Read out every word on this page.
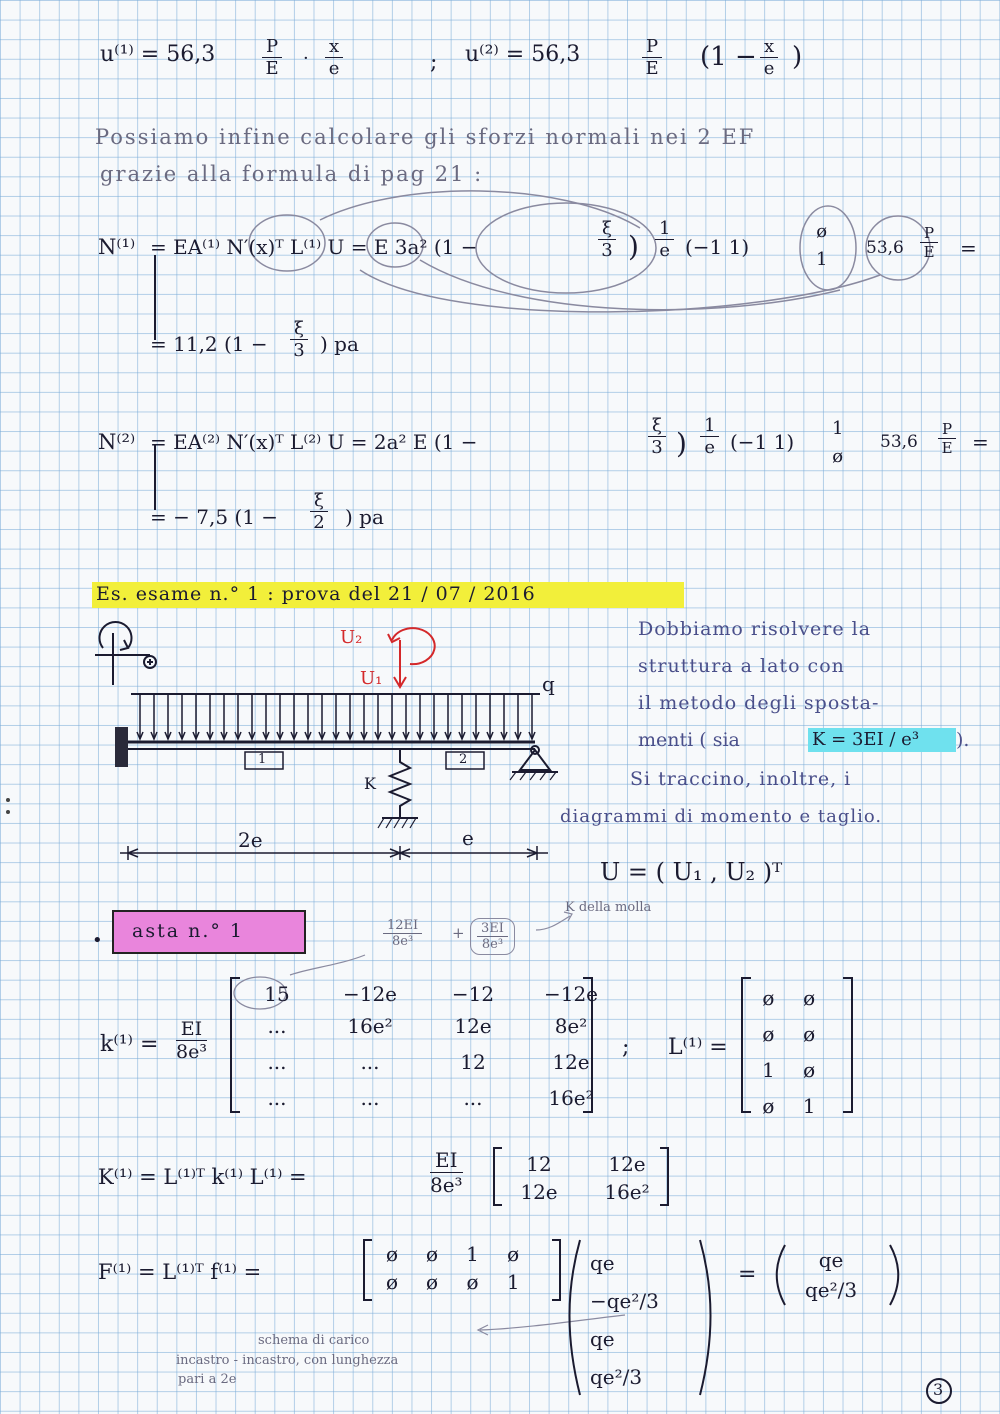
u⁽¹⁾ = 56,3	$\frac{P}{E} \cdot \frac{x}{e}$	; u⁽²⁾ = 56,3	$\frac{P}{E} (1 - \frac{x}{e}$ )
Possiamo infine calcolare gli sforzi normali nei 2 EF
grazie alla formula di pag 21 :
N⁽¹⁾ = EA⁽¹⁾ N′(x)ᵀ L⁽¹⁾ U = E 3a² (1 −	$\frac{\xi}{3}$ ) $\frac{1}{e} (-1$ 1)
ø
1
$53,6 \frac{P}{E}$ =
= 11,2 ($1 - \frac{\xi}{3}$ ) pa
N⁽²⁾ = EA⁽²⁾ N′(x)ᵀ L⁽²⁾ U = 2a² E (1 −	$\frac{\xi}{3}$ ) $\frac{1}{e} (-1$ 1)
1
ø
$53,6 \frac{P}{E}$ =
= − 7,5 ($1 - \frac{\xi}{2}$ ) pa
Es. esame n.° 1 : prova del 21 / 07 / 2016
U₂
U₁	q
K
1	2
2e	e
Dobbiamo risolvere la
struttura a lato con
il metodo degli sposta-
menti ( sia	K = 3EI / e³ ).
Si traccino, inoltre, i
diagrammi di momento e taglio.
U = ( U₁ , U₂ )ᵀ
K della molla
$\frac{12EI}{\text{8e³}} + \frac{3EI}{\text{8e³}}$
• asta n.° 1
$k^{(1)} = \frac{EI}{\text{8e³}}$
15	−12e	−12	−12e
...	16e²	12e	8e²
...	...	12	12e
...	...	...	16e²
; L⁽¹⁾ =
ø	ø
ø	ø
1	ø
ø	1
K⁽¹⁾ = L⁽¹⁾ᵀ k⁽¹⁾ L⁽¹⁾ =	$\frac{EI}{\text{8e³}}$	12	12e
12e	16e²
F⁽¹⁾ = L⁽¹⁾ᵀ f⁽¹⁾ =
ø	ø	1	ø
ø	ø	ø	1
qe
−qe²/3
qe
qe²/3
=
qe
qe²/3
schema di carico
incastro - incastro, con lunghezza
pari a 2e
3
